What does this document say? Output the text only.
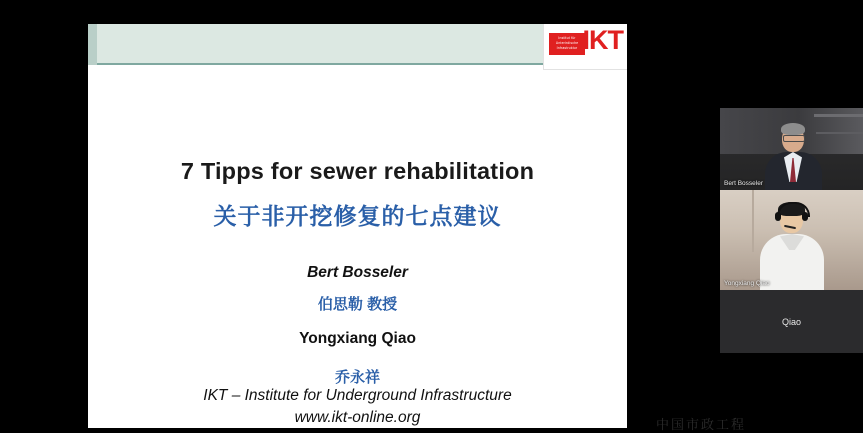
Institut für Unterirdische Infrastruktur IKT
7 Tipps for sewer rehabilitation
关于非开挖修复的七点建议
Bert Bosseler
伯思勒 教授
Yongxiang Qiao
乔永祥
IKT – Institute for Underground Infrastructure
www.ikt-online.org
Bert Bosseler
Yongxiang Qiao
Qiao
中国市政工程
